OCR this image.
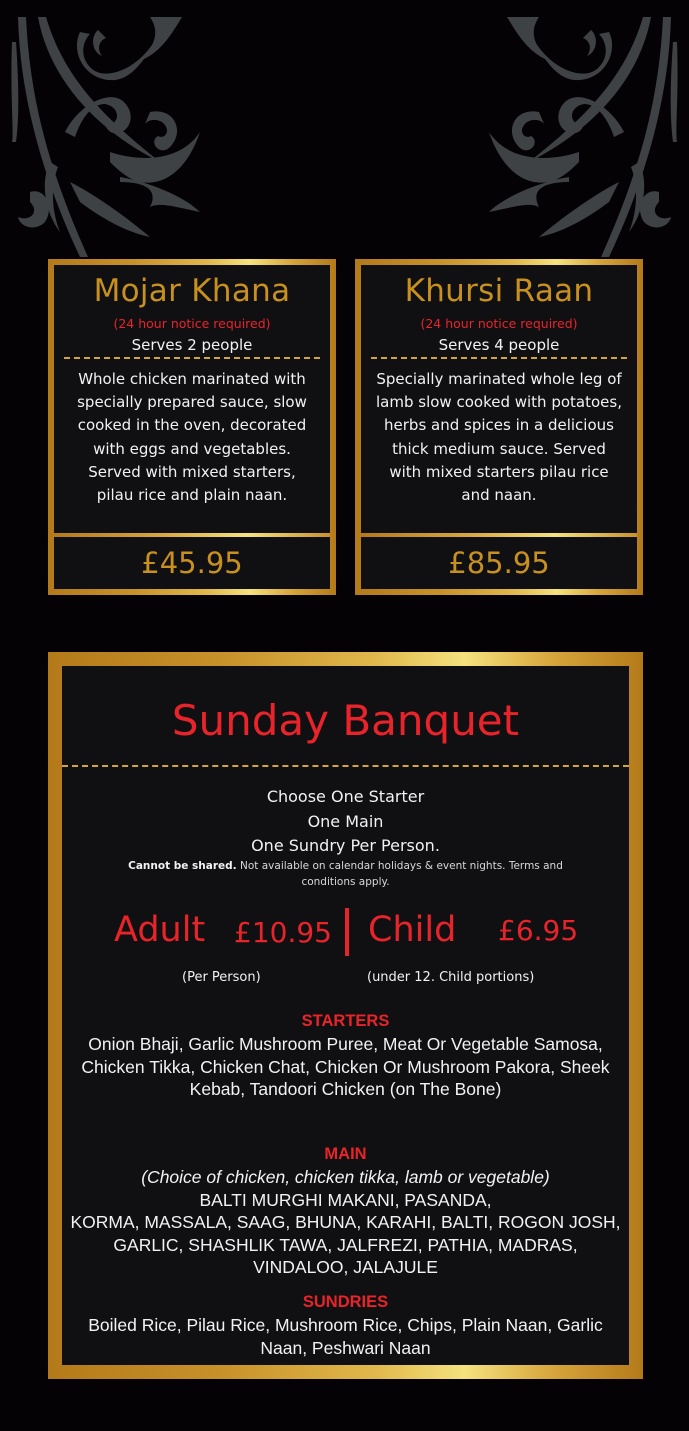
Mojar Khana
(24 hour notice required)
Serves 2 people
Whole chicken marinated with specially prepared sauce, slow cooked in the oven, decorated with eggs and vegetables. Served with mixed starters, pilau rice and plain naan.
£45.95
Khursi Raan
(24 hour notice required)
Serves 4 people
Specially marinated whole leg of lamb slow cooked with potatoes, herbs and spices in a delicious thick medium sauce. Served with mixed starters pilau rice and naan.
£85.95
Sunday Banquet
Choose One Starter
One Main
One Sundry Per Person.
Cannot be shared. Not available on calendar holidays & event nights. Terms and conditions apply.
Adult £10.95 Child £6.95
(Per Person)	(under 12. Child portions)
STARTERS
Onion Bhaji, Garlic Mushroom Puree, Meat Or Vegetable Samosa, Chicken Tikka, Chicken Chat, Chicken Or Mushroom Pakora, Sheek Kebab, Tandoori Chicken (on The Bone)
MAIN
(Choice of chicken, chicken tikka, lamb or vegetable)
BALTI MURGHI MAKANI, PASANDA,
KORMA, MASSALA, SAAG, BHUNA, KARAHI, BALTI, ROGON JOSH, GARLIC, SHASHLIK TAWA, JALFREZI, PATHIA, MADRAS, VINDALOO, JALAJULE
SUNDRIES
Boiled Rice, Pilau Rice, Mushroom Rice, Chips, Plain Naan, Garlic Naan, Peshwari Naan
